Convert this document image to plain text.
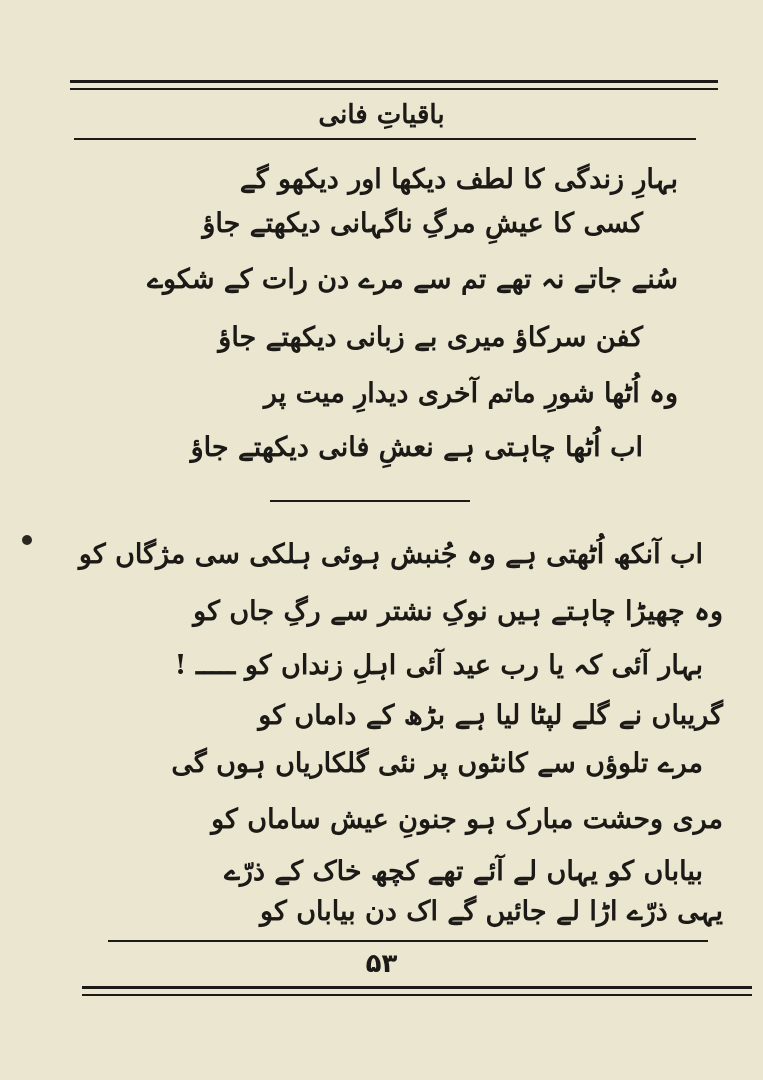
باقیاتِ فانی
بہارِ زندگی کا لطف دیکھا اور دیکھو گے
کسی کا عیشِ مرگِ ناگہانی دیکھتے جاؤ
سُنے جاتے نہ تھے تم سے مرے دن رات کے شکوے
کفن سرکاؤ میری بے زبانی دیکھتے جاؤ
وہ اُٹھا شورِ ماتم آخری دیدارِ میت پر
اب اُٹھا چاہتی ہے نعشِ فانی دیکھتے جاؤ
اب آنکھ اُٹھتی ہے وہ جُنبش ہوئی ہلکی سی مژگاں کو
وہ چھیڑا چاہتے ہیں نوکِ نشتر سے رگِ جاں کو
بہار آئی کہ یا رب عید آئی اہلِ زنداں کو ـــــ !
گریباں نے گلے لپٹا لیا ہے بڑھ کے داماں کو
مرے تلوؤں سے کانٹوں پر نئی گلکاریاں ہوں گی
مری وحشت مبارک ہو جنونِ عیش ساماں کو
بیاباں کو یہاں لے آئے تھے کچھ خاک کے ذرّے
یہی ذرّے اڑا لے جائیں گے اک دن بیاباں کو
۵۳
